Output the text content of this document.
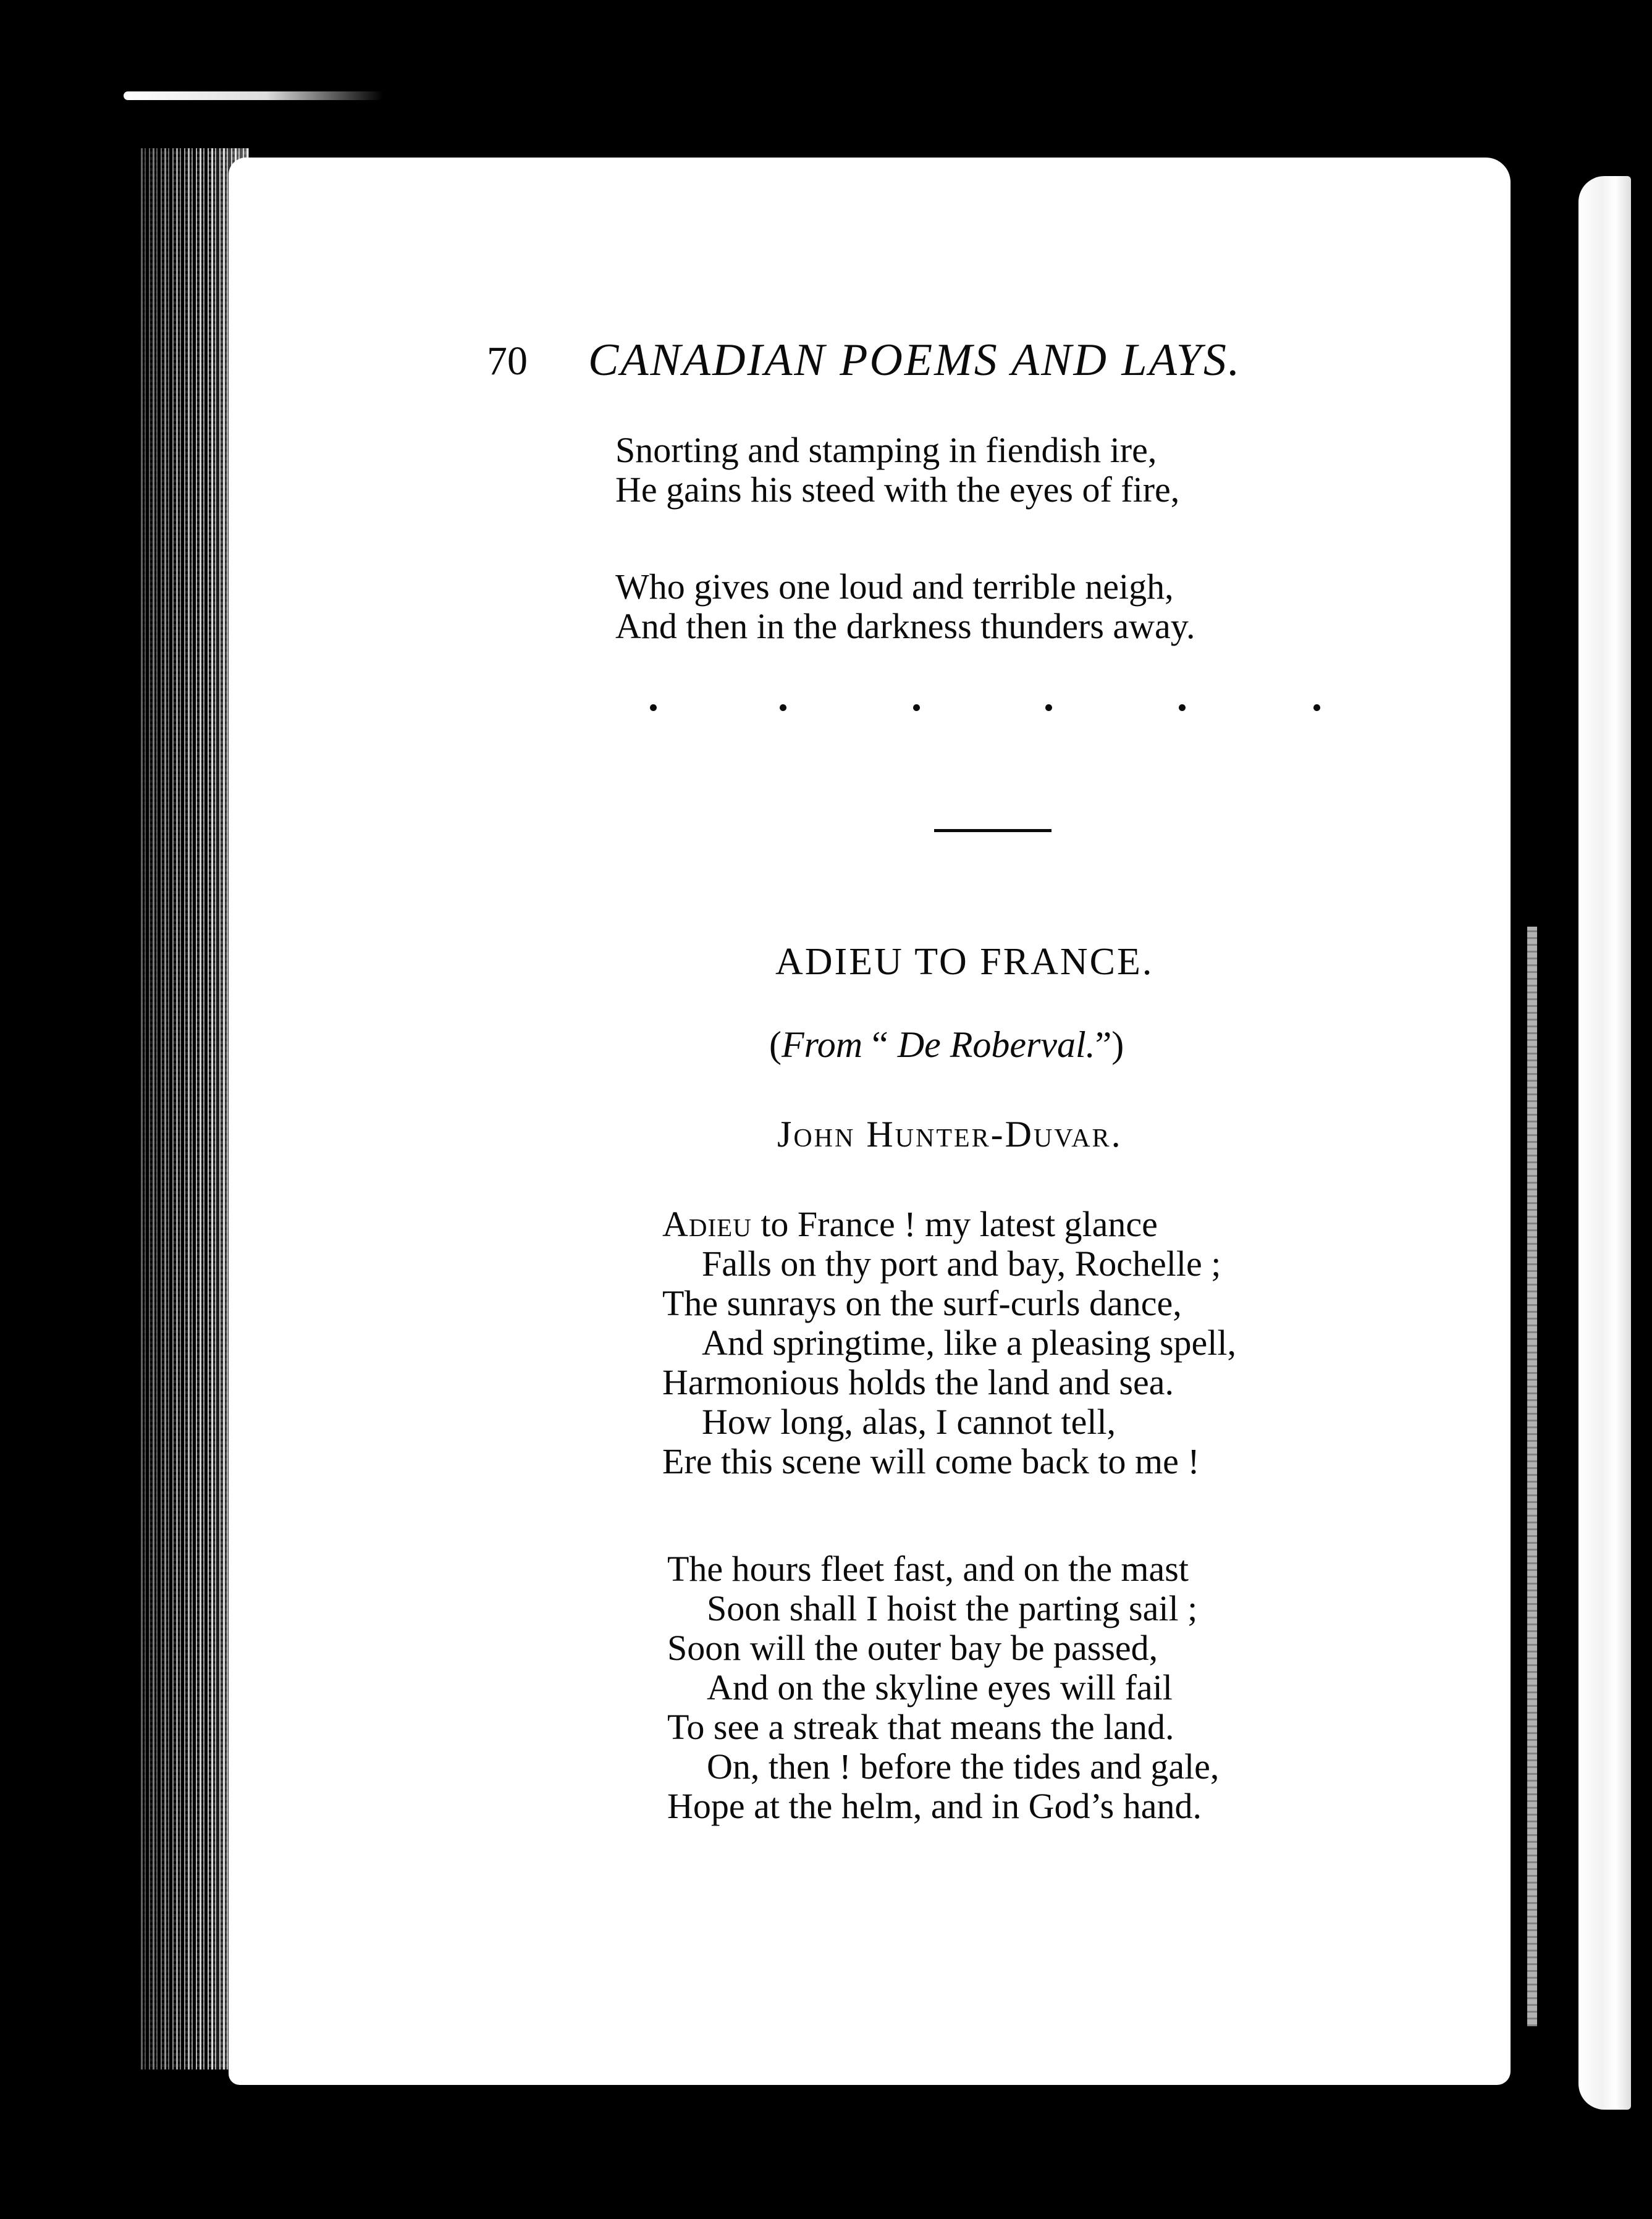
70 CANADIAN POEMS AND LAYS.
Snorting and stamping in fiendish ire,
He gains his steed with the eyes of fire,
Who gives one loud and terrible neigh,
And then in the darkness thunders away.
ADIEU TO FRANCE.

(From “ De Roberval.”)

John Hunter-Duvar.

Adieu to France ! my latest glance
Falls on thy port and bay, Rochelle ;
The sunrays on the surf-curls dance,
And springtime, like a pleasing spell,
Harmonious holds the land and sea.
How long, alas, I cannot tell,
Ere this scene will come back to me !
The hours fleet fast, and on the mast
Soon shall I hoist the parting sail ;
Soon will the outer bay be passed,
And on the skyline eyes will fail
To see a streak that means the land.
On, then ! before the tides and gale,
Hope at the helm, and in God’s hand.
